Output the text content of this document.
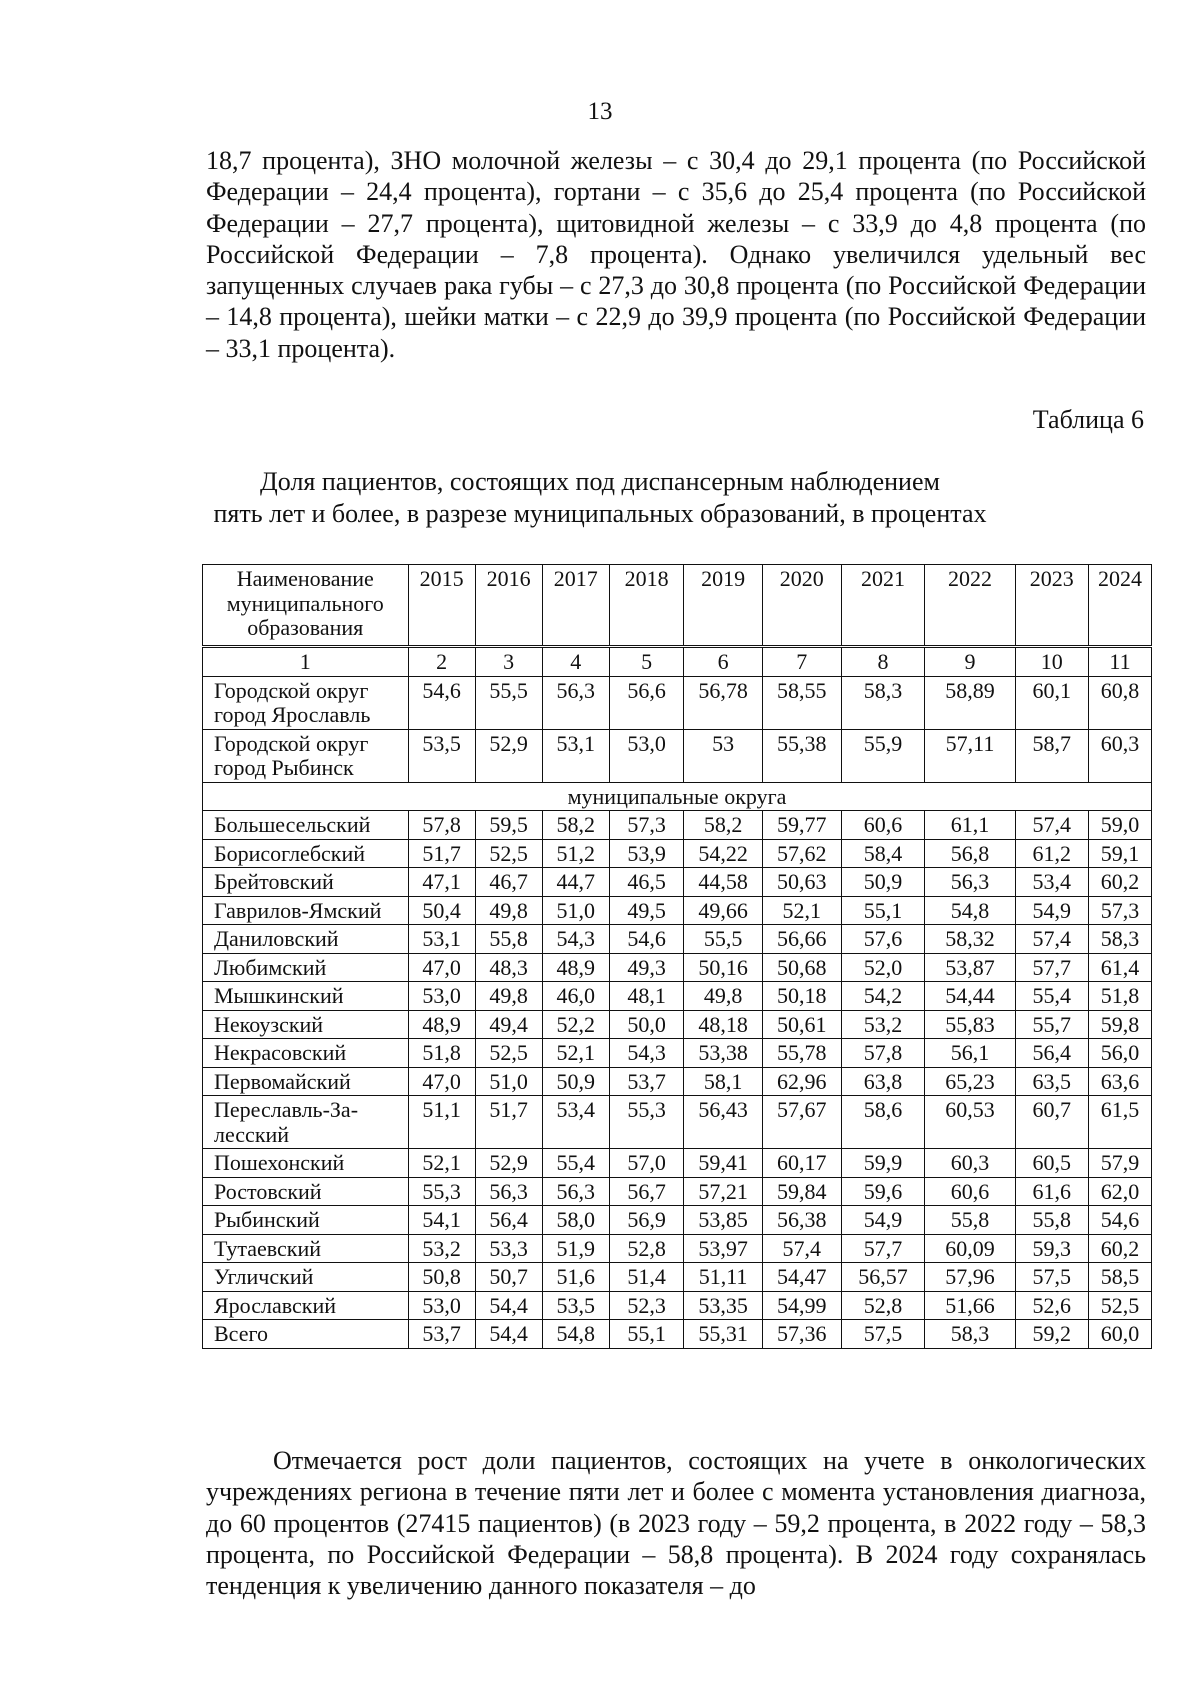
13

18,7 процента), ЗНО молочной железы – с 30,4 до 29,1 процента (по Российской Федерации – 24,4 процента), гортани – с 35,6 до 25,4 процента (по Российской Федерации – 27,7 процента), щитовидной железы – с 33,9 до 4,8 процента (по Российской Федерации – 7,8 процента). Однако увеличился удельный вес запущенных случаев рака губы – с 27,3 до 30,8 процента (по Российской Федерации – 14,8 процента), шейки матки – с 22,9 до 39,9 процента (по Российской Федерации – 33,1 процента).

Таблица 6
Доля пациентов, состоящих под диспансерным наблюдением
пять лет и более, в разрезе муниципальных образований, в процентах
Наименование муниципального образования	2015	2016	2017	2018	2019	2020	2021	2022	2023	2024
1	2	3	4	5	6	7	8	9	10	11
Городской округ город Ярославль	54,6	55,5	56,3	56,6	56,78	58,55	58,3	58,89	60,1	60,8
Городской округ город Рыбинск	53,5	52,9	53,1	53,0	53	55,38	55,9	57,11	58,7	60,3
муниципальные округа										
Большесельский	57,8	59,5	58,2	57,3	58,2	59,77	60,6	61,1	57,4	59,0
Борисоглебский	51,7	52,5	51,2	53,9	54,22	57,62	58,4	56,8	61,2	59,1
Брейтовский	47,1	46,7	44,7	46,5	44,58	50,63	50,9	56,3	53,4	60,2
Гаврилов-Ямский	50,4	49,8	51,0	49,5	49,66	52,1	55,1	54,8	54,9	57,3
Даниловский	53,1	55,8	54,3	54,6	55,5	56,66	57,6	58,32	57,4	58,3
Любимский	47,0	48,3	48,9	49,3	50,16	50,68	52,0	53,87	57,7	61,4
Мышкинский	53,0	49,8	46,0	48,1	49,8	50,18	54,2	54,44	55,4	51,8
Некоузский	48,9	49,4	52,2	50,0	48,18	50,61	53,2	55,83	55,7	59,8
Некрасовский	51,8	52,5	52,1	54,3	53,38	55,78	57,8	56,1	56,4	56,0
Первомайский	47,0	51,0	50,9	53,7	58,1	62,96	63,8	65,23	63,5	63,6
Переславль-Залесский	51,1	51,7	53,4	55,3	56,43	57,67	58,6	60,53	60,7	61,5
Пошехонский	52,1	52,9	55,4	57,0	59,41	60,17	59,9	60,3	60,5	57,9
Ростовский	55,3	56,3	56,3	56,7	57,21	59,84	59,6	60,6	61,6	62,0
Рыбинский	54,1	56,4	58,0	56,9	53,85	56,38	54,9	55,8	55,8	54,6
Тутаевский	53,2	53,3	51,9	52,8	53,97	57,4	57,7	60,09	59,3	60,2
Угличский	50,8	50,7	51,6	51,4	51,11	54,47	56,57	57,96	57,5	58,5
Ярославский	53,0	54,4	53,5	52,3	53,35	54,99	52,8	51,66	52,6	52,5
Всего	53,7	54,4	54,8	55,1	55,31	57,36	57,5	58,3	59,2	60,0

Отмечается рост доли пациентов, состоящих на учете в онкологических учреждениях региона в течение пяти лет и более с момента установления диагноза, до 60 процентов (27415 пациентов) (в 2023 году – 59,2 процента, в 2022 году – 58,3 процента, по Российской Федерации – 58,8 процента). В 2024 году сохранялась тенденция к увеличению данного показателя – до
